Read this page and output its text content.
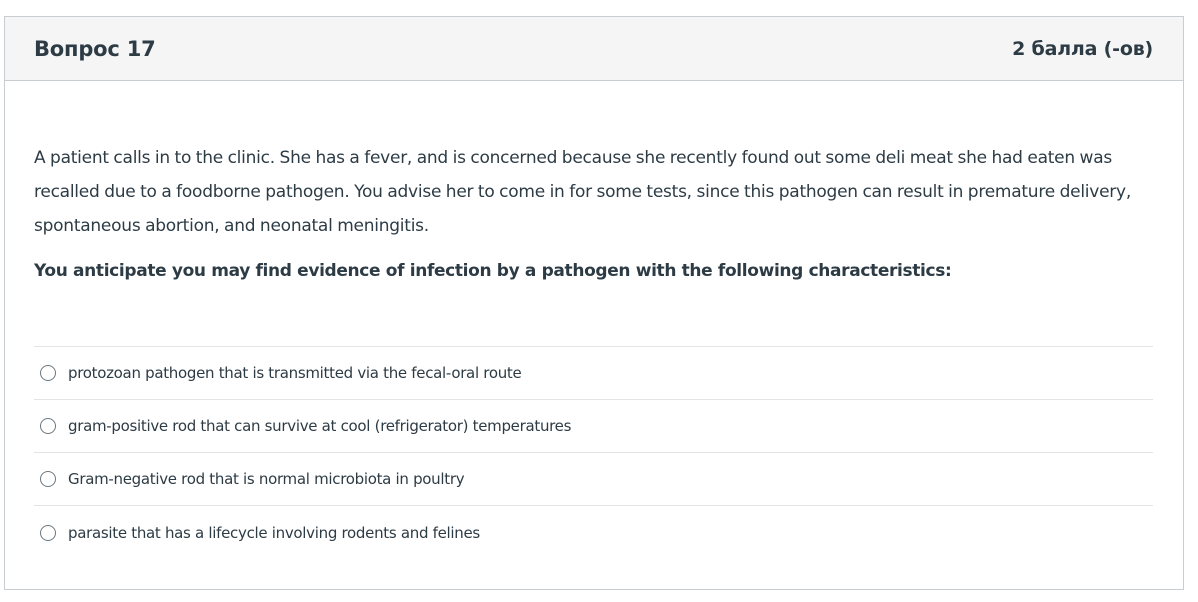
Вопрос 17	2 балла (-ов)

A patient calls in to the clinic. She has a fever, and is concerned because she recently found out some deli meat she had eaten was recalled due to a foodborne pathogen. You advise her to come in for some tests, since this pathogen can result in premature delivery, spontaneous abortion, and neonatal meningitis.

You anticipate you may find evidence of infection by a pathogen with the following characteristics:

protozoan pathogen that is transmitted via the fecal-oral route
gram-positive rod that can survive at cool (refrigerator) temperatures
Gram-negative rod that is normal microbiota in poultry
parasite that has a lifecycle involving rodents and felines
